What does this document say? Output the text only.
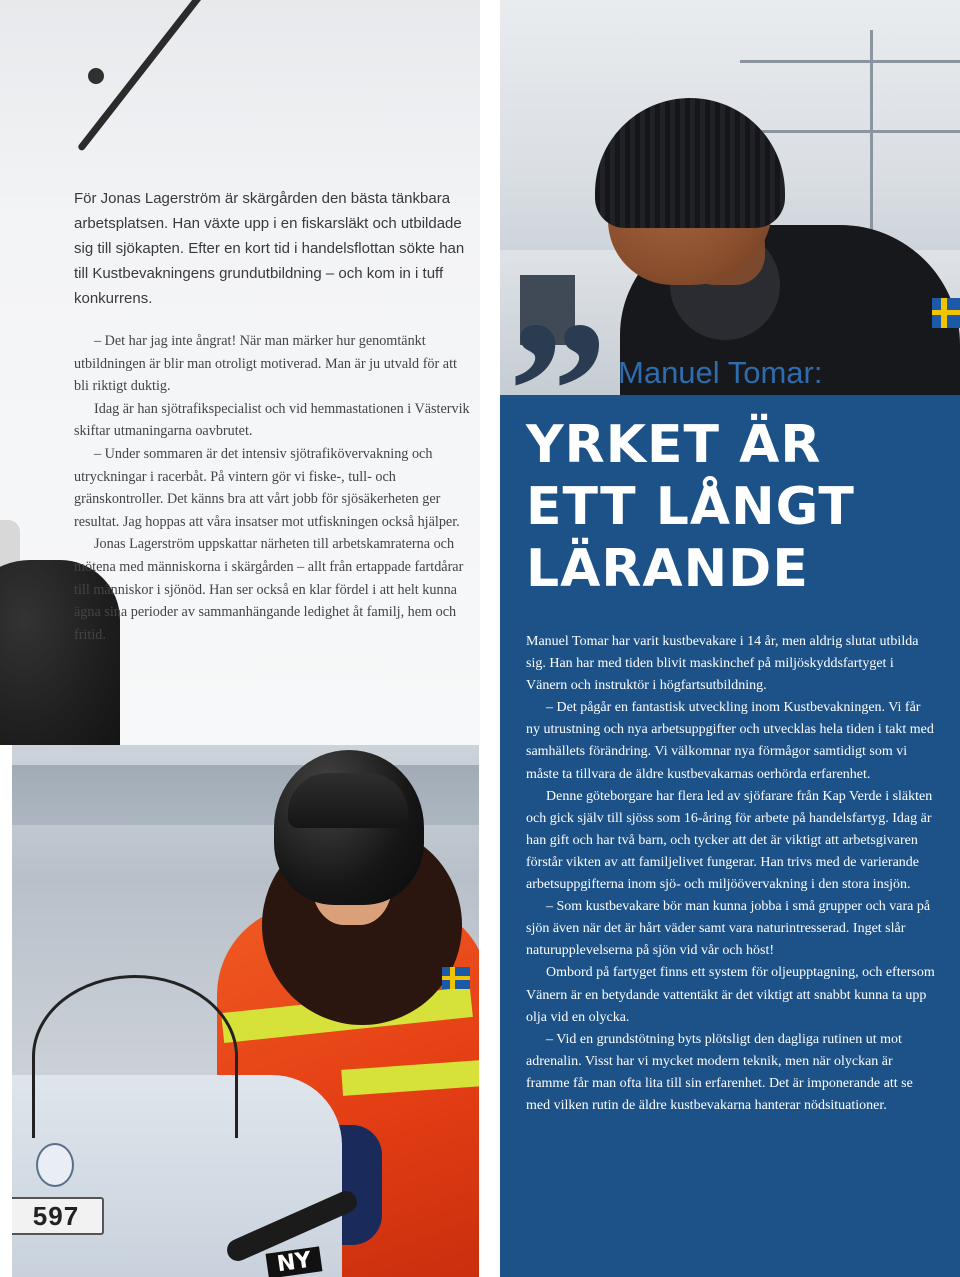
För Jonas Lagerström är skärgården den bästa tänkbara arbetsplatsen. Han växte upp i en fiskarsläkt och utbildade sig till sjökapten. Efter en kort tid i handelsflottan sökte han till Kustbevakningens grundutbildning – och kom in i tuff konkurrens.

– Det har jag inte ångrat! När man märker hur genomtänkt utbildningen är blir man otroligt motiverad. Man är ju utvald för att bli riktigt duktig.

Idag är han sjötrafikspecialist och vid hemmastationen i Västervik skiftar utmaningarna oavbrutet.

– Under sommaren är det intensiv sjötrafikövervakning och utryckningar i racerbåt. På vintern gör vi fiske-, tull- och gränskontroller. Det känns bra att vårt jobb för sjösäkerheten ger resultat. Jag hoppas att våra insatser mot utfiskningen också hjälper.

Jonas Lagerström uppskattar närheten till arbetskamraterna och mötena med människorna i skärgården – allt från ertappade fartdårar till människor i sjönöd. Han ser också en klar fördel i att helt kunna ägna sina perioder av sammanhängande ledighet åt familj, hem och fritid.

597
NY
” Manuel Tomar:
YRKET ÄR
ETT LÅNGT
LÄRANDE

Manuel Tomar har varit kustbevakare i 14 år, men aldrig slutat utbilda sig. Han har med tiden blivit maskinchef på miljöskyddsfartyget i Vänern och instruktör i högfartsutbildning.

– Det pågår en fantastisk utveckling inom Kustbevakningen. Vi får ny utrustning och nya arbetsuppgifter och utvecklas hela tiden i takt med samhällets förändring. Vi välkomnar nya förmågor samtidigt som vi måste ta tillvara de äldre kustbevakarnas oerhörda erfarenhet.

Denne göteborgare har flera led av sjöfarare från Kap Verde i släkten och gick själv till sjöss som 16-åring för arbete på handelsfartyg. Idag är han gift och har två barn, och tycker att det är viktigt att arbetsgivaren förstår vikten av att familjelivet fungerar. Han trivs med de varierande arbetsuppgifterna inom sjö- och miljöövervakning i den stora insjön.

– Som kustbevakare bör man kunna jobba i små grupper och vara på sjön även när det är hårt väder samt vara naturintresserad. Inget slår naturupplevelserna på sjön vid vår och höst!

Ombord på fartyget finns ett system för oljeupptagning, och eftersom Vänern är en betydande vattentäkt är det viktigt att snabbt kunna ta upp olja vid en olycka.

– Vid en grundstötning byts plötsligt den dagliga rutinen ut mot adrenalin. Visst har vi mycket modern teknik, men när olyckan är framme får man ofta lita till sin erfarenhet. Det är imponerande att se med vilken rutin de äldre kustbevakarna hanterar nödsituationer.
